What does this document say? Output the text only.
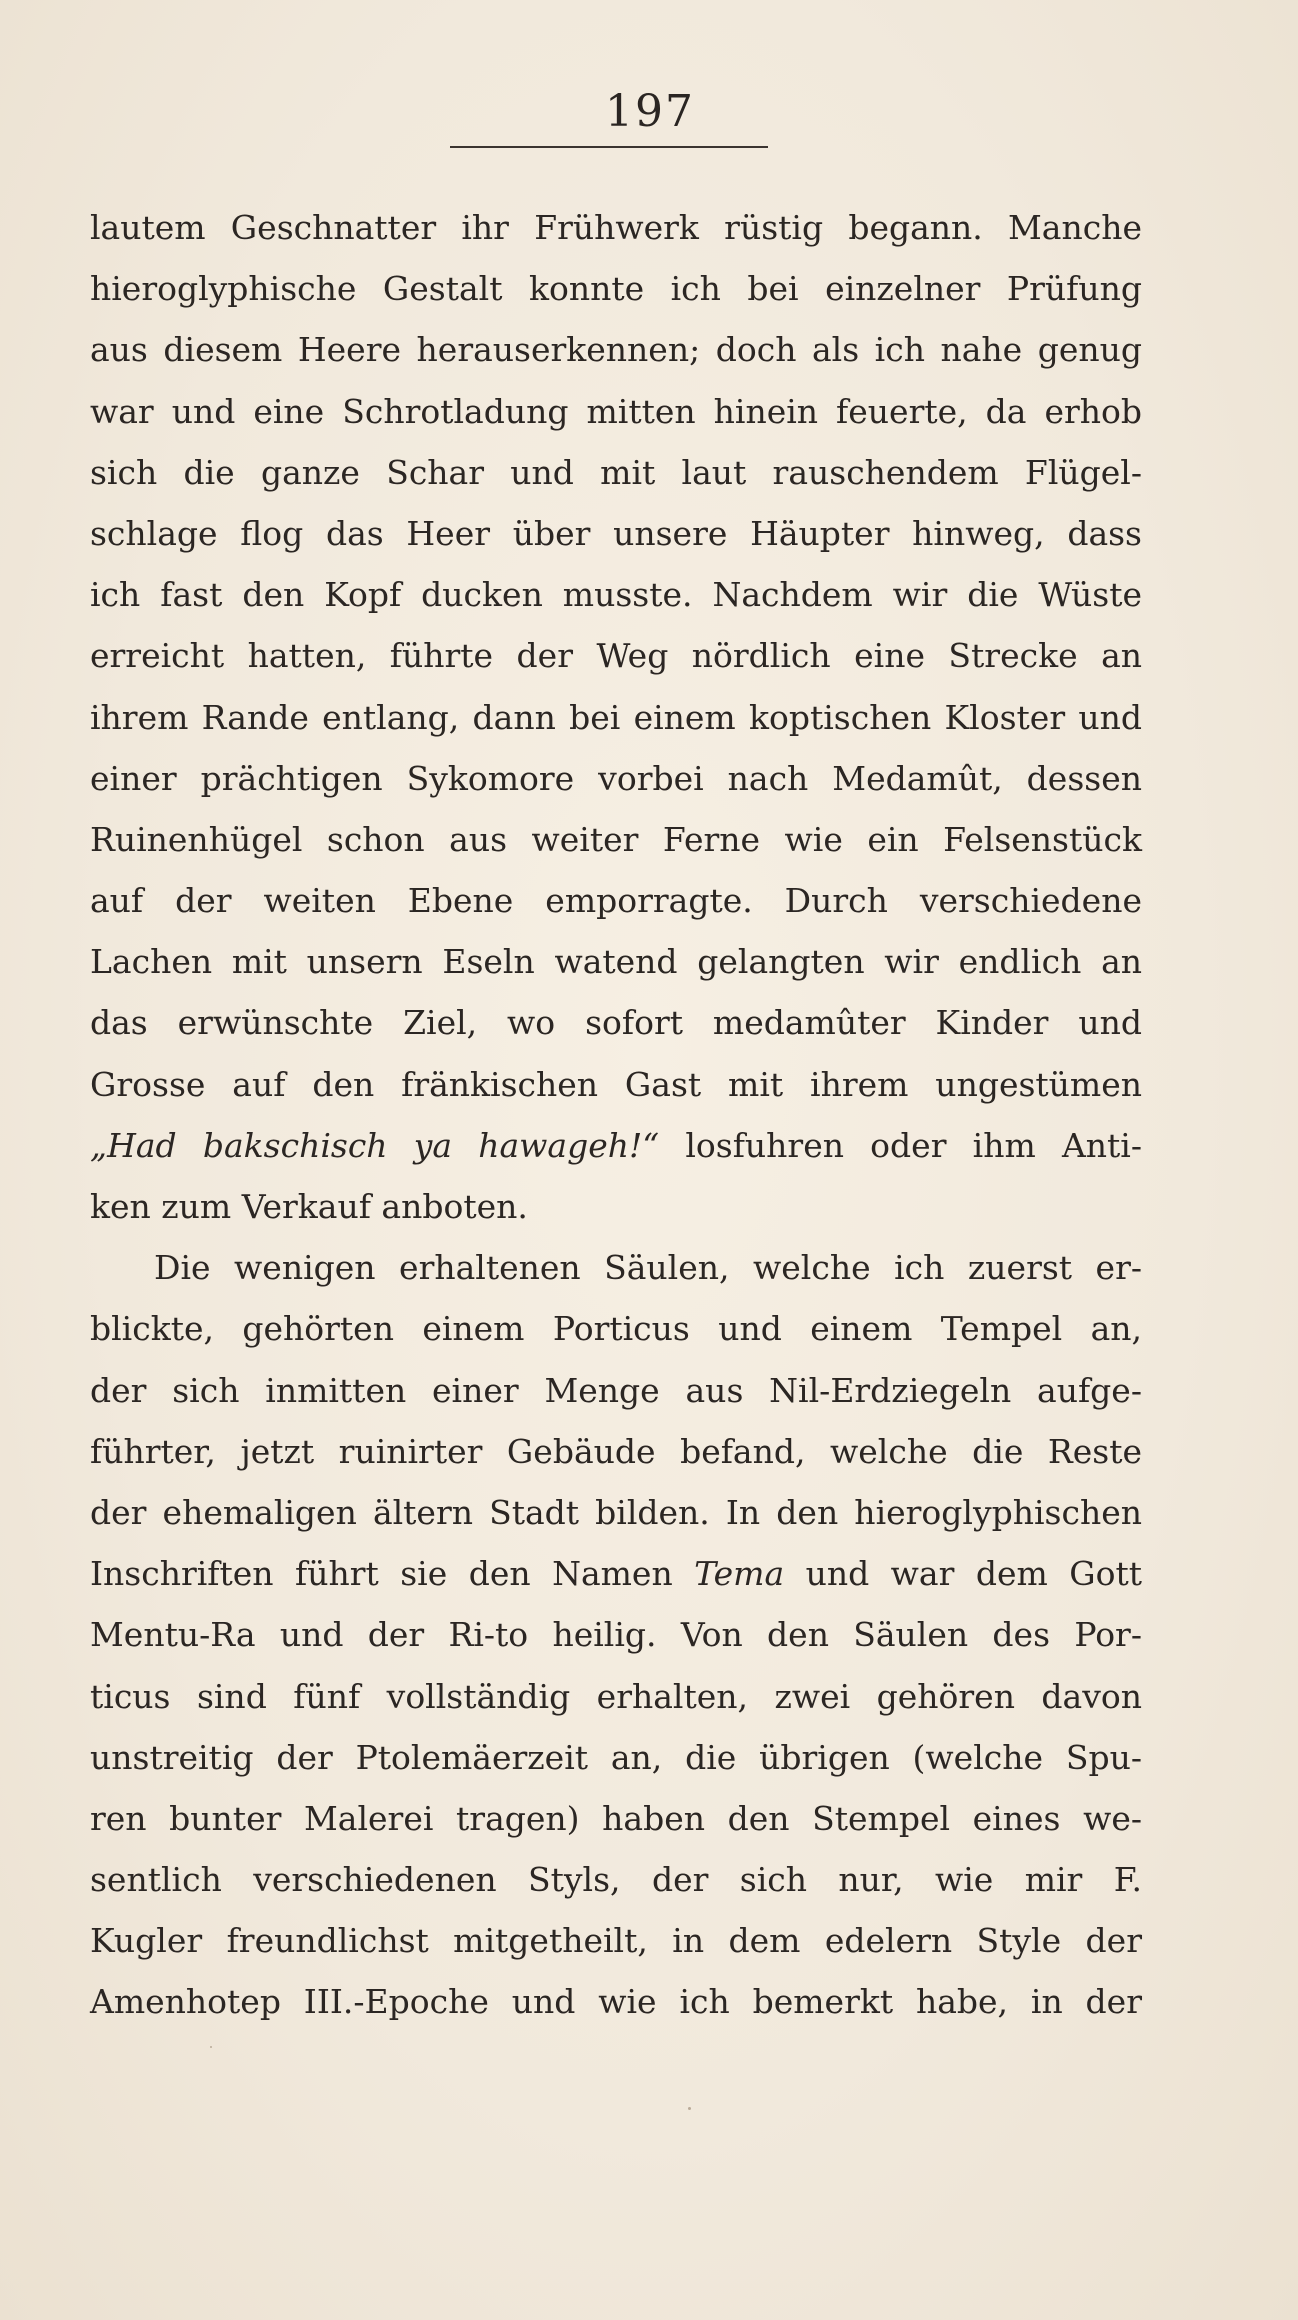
197
lautem Geschnatter ihr Frühwerk rüstig begann. Manche
hieroglyphische Gestalt konnte ich bei einzelner Prüfung
aus diesem Heere herauserkennen; doch als ich nahe genug
war und eine Schrotladung mitten hinein feuerte, da erhob
sich die ganze Schar und mit laut rauschendem Flügel-
schlage flog das Heer über unsere Häupter hinweg, dass
ich fast den Kopf ducken musste. Nachdem wir die Wüste
erreicht hatten, führte der Weg nördlich eine Strecke an
ihrem Rande entlang, dann bei einem koptischen Kloster und
einer prächtigen Sykomore vorbei nach Medamût, dessen
Ruinenhügel schon aus weiter Ferne wie ein Felsenstück
auf der weiten Ebene emporragte. Durch verschiedene
Lachen mit unsern Eseln watend gelangten wir endlich an
das erwünschte Ziel, wo sofort medamûter Kinder und
Grosse auf den fränkischen Gast mit ihrem ungestümen
„Had bakschisch ya hawageh!“ losfuhren oder ihm Anti-
ken zum Verkauf anboten.
Die wenigen erhaltenen Säulen, welche ich zuerst er-
blickte, gehörten einem Porticus und einem Tempel an,
der sich inmitten einer Menge aus Nil-Erdziegeln aufge-
führter, jetzt ruinirter Gebäude befand, welche die Reste
der ehemaligen ältern Stadt bilden. In den hieroglyphischen
Inschriften führt sie den Namen Tema und war dem Gott
Mentu-Ra und der Ri-to heilig. Von den Säulen des Por-
ticus sind fünf vollständig erhalten, zwei gehören davon
unstreitig der Ptolemäerzeit an, die übrigen (welche Spu-
ren bunter Malerei tragen) haben den Stempel eines we-
sentlich verschiedenen Styls, der sich nur, wie mir F.
Kugler freundlichst mitgetheilt, in dem edelern Style der
Amenhotep III.-Epoche und wie ich bemerkt habe, in der
